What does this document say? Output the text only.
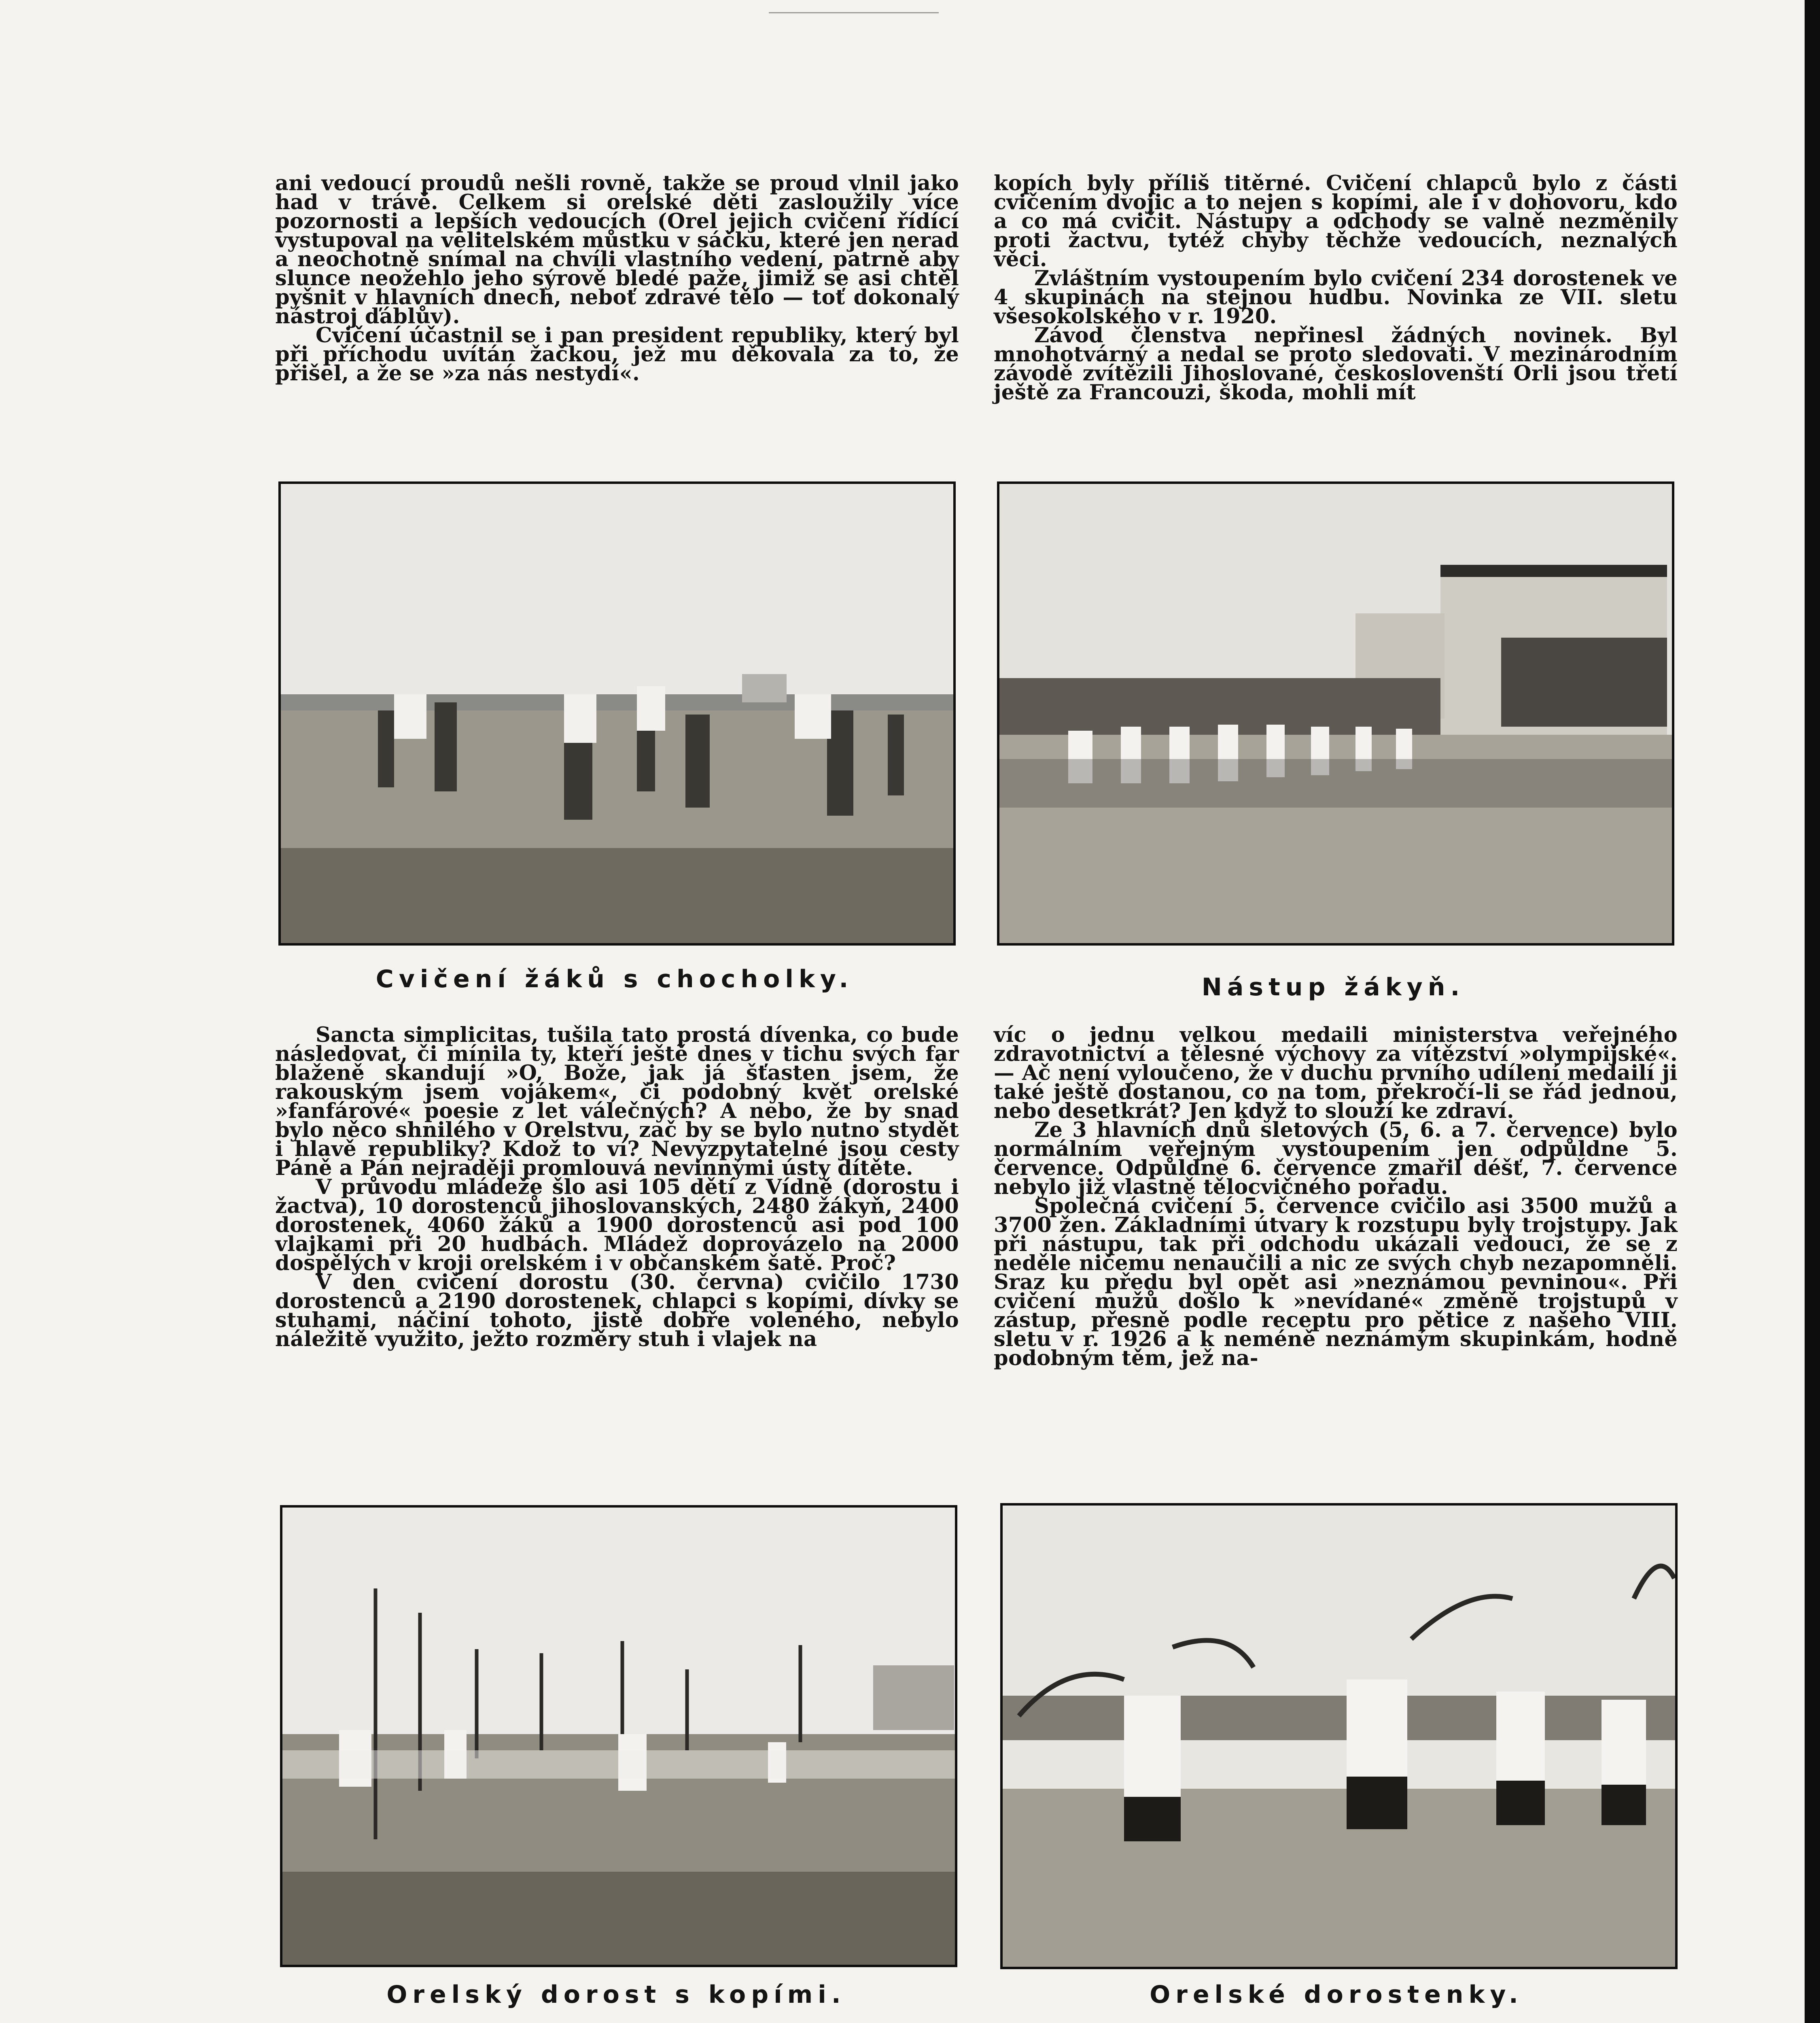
ani vedoucí proudů nešli rovně, takže se proud vlnil jako had v trávě. Celkem si orelské děti zasloužily více pozornosti a lepších vedoucích (Orel jejich cvičení řídící vystupoval na velitelském můstku v sáčku, které jen nerad a neochotně snímal na chvíli vlastního vedení, patrně aby slunce neožehlo jeho sýrově bledé paže, jimiž se asi chtěl pyšnit v hlavních dnech, neboť zdravé tělo — toť dokonalý nástroj ďáblův).

Cvičení účastnil se i pan president republiky, který byl při příchodu uvítán žačkou, jež mu děkovala za to, že přišel, a že se »za nás nestydí«.

kopích byly příliš titěrné. Cvičení chlapců bylo z části cvičením dvojic a to nejen s kopími, ale i v dohovoru, kdo a co má cvičit. Nástupy a odchody se valně nezměnily proti žactvu, tytéž chyby těchže vedoucích, neznalých věci.

Zvláštním vystoupením bylo cvičení 234 dorostenek ve 4 skupinách na stejnou hudbu. Novinka ze VII. sletu všesokolského v r. 1920.

Závod členstva nepřinesl žádných novinek. Byl mnohotvárný a nedal se proto sledovati. V mezinárodním závodě zvítězili Jihoslované, českoslovenští Orli jsou třetí ještě za Francouzi, škoda, mohli mít

Cvičení žáků s chocholky.	Nástup žákyň.

Sancta simplicitas, tušila tato prostá dívenka, co bude následovat, či mínila ty, kteří ještě dnes v tichu svých far blaženě skandují »O, Bože, jak já šťasten jsem, že rakouským jsem vojákem«, či podobný květ orelské »fanfárové« poesie z let válečných? A nebo, že by snad bylo něco shnilého v Orelstvu, zač by se bylo nutno stydět i hlavě republiky? Kdož to ví? Nevyzpytatelné jsou cesty Páně a Pán nejraději promlouvá nevinnými ústy dítěte.

V průvodu mládeže šlo asi 105 dětí z Vídně (dorostu i žactva), 10 dorostenců jihoslovanských, 2480 žákyň, 2400 dorostenek, 4060 žáků a 1900 dorostenců asi pod 100 vlajkami při 20 hudbách. Mládež doprovázelo na 2000 dospělých v kroji orelském i v občanském šatě. Proč?

V den cvičení dorostu (30. června) cvičilo 1730 dorostenců a 2190 dorostenek, chlapci s kopími, dívky se stuhami, náčiní tohoto, jistě dobře voleného, nebylo náležitě využito, ježto rozměry stuh i vlajek na

víc o jednu velkou medaili ministerstva veřejného zdravotnictví a tělesné výchovy za vítězství »olympijské«. — Ač není vyloučeno, že v duchu prvního udílení medailí ji také ještě dostanou, co na tom, překročí-li se řád jednou, nebo desetkrát? Jen když to slouží ke zdraví.

Ze 3 hlavních dnů sletových (5, 6. a 7. července) bylo normálním veřejným vystoupením jen odpůldne 5. července. Odpůldne 6. července zmařil déšť, 7. července nebylo již vlastně tělocvičného pořadu.

Společná cvičení 5. července cvičilo asi 3500 mužů a 3700 žen. Základními útvary k rozstupu byly trojstupy. Jak při nástupu, tak při odchodu ukázali vedoucí, že se z neděle ničemu nenaučili a nic ze svých chyb nezapomněli. Sraz ku předu byl opět asi »neznámou pevninou«. Při cvičení mužů došlo k »nevídané« změně trojstupů v zástup, přesně podle receptu pro pětice z našeho VIII. sletu v r. 1926 a k neméně neznámým skupinkám, hodně podobným těm, jež na-

Orelský dorost s kopími.	Orelské dorostenky.
